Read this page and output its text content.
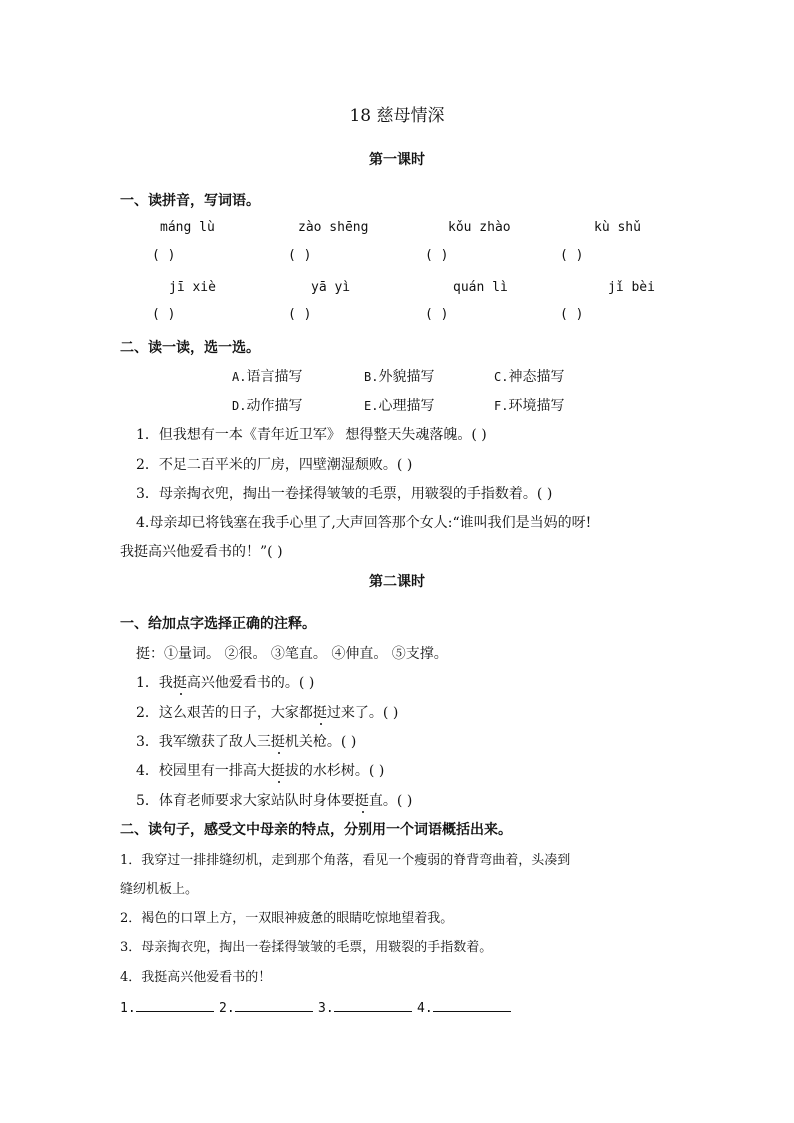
18 慈母情深
第一课时
一、读拼音，写词语。
máng lù	zào shēng	kǒu zhào	kù shǔ
( )	( )	( )	( )
jī xiè	yā yì	quán lì	jǐ bèi
( )	( )	( )	( )
二、读一读，选一选。
A.语言描写	B.外貌描写	C.神态描写
D.动作描写	E.心理描写	F.环境描写
1．但我想有一本《青年近卫军》 想得整天失魂落魄。( )
2．不足二百平米的厂房，四壁潮湿颓败。( )
3．母亲掏衣兜，掏出一卷揉得皱皱的毛票，用皲裂的手指数着。( )
4.母亲却已将钱塞在我手心里了,大声回答那个女人:“谁叫我们是当妈的呀!
我挺高兴他爱看书的！”( )
第二课时
一、给加点字选择正确的注释。
挺：①量词。 ②很。 ③笔直。 ④伸直。 ⑤支撑。
1．我挺高兴他爱看书的。( )
2．这么艰苦的日子，大家都挺过来了。( )
3．我军缴获了敌人三挺机关枪。( )
4．校园里有一排高大挺拔的水杉树。( )
5．体育老师要求大家站队时身体要挺直。( )
二、读句子，感受文中母亲的特点，分别用一个词语概括出来。
1．我穿过一排排缝纫机，走到那个角落，看见一个瘦弱的脊背弯曲着，头凑到
缝纫机板上。
2．褐色的口罩上方，一双眼神疲惫的眼睛吃惊地望着我。
3．母亲掏衣兜，掏出一卷揉得皱皱的毛票，用皲裂的手指数着。
4．我挺高兴他爱看书的！
1.	2.	3.	4.
